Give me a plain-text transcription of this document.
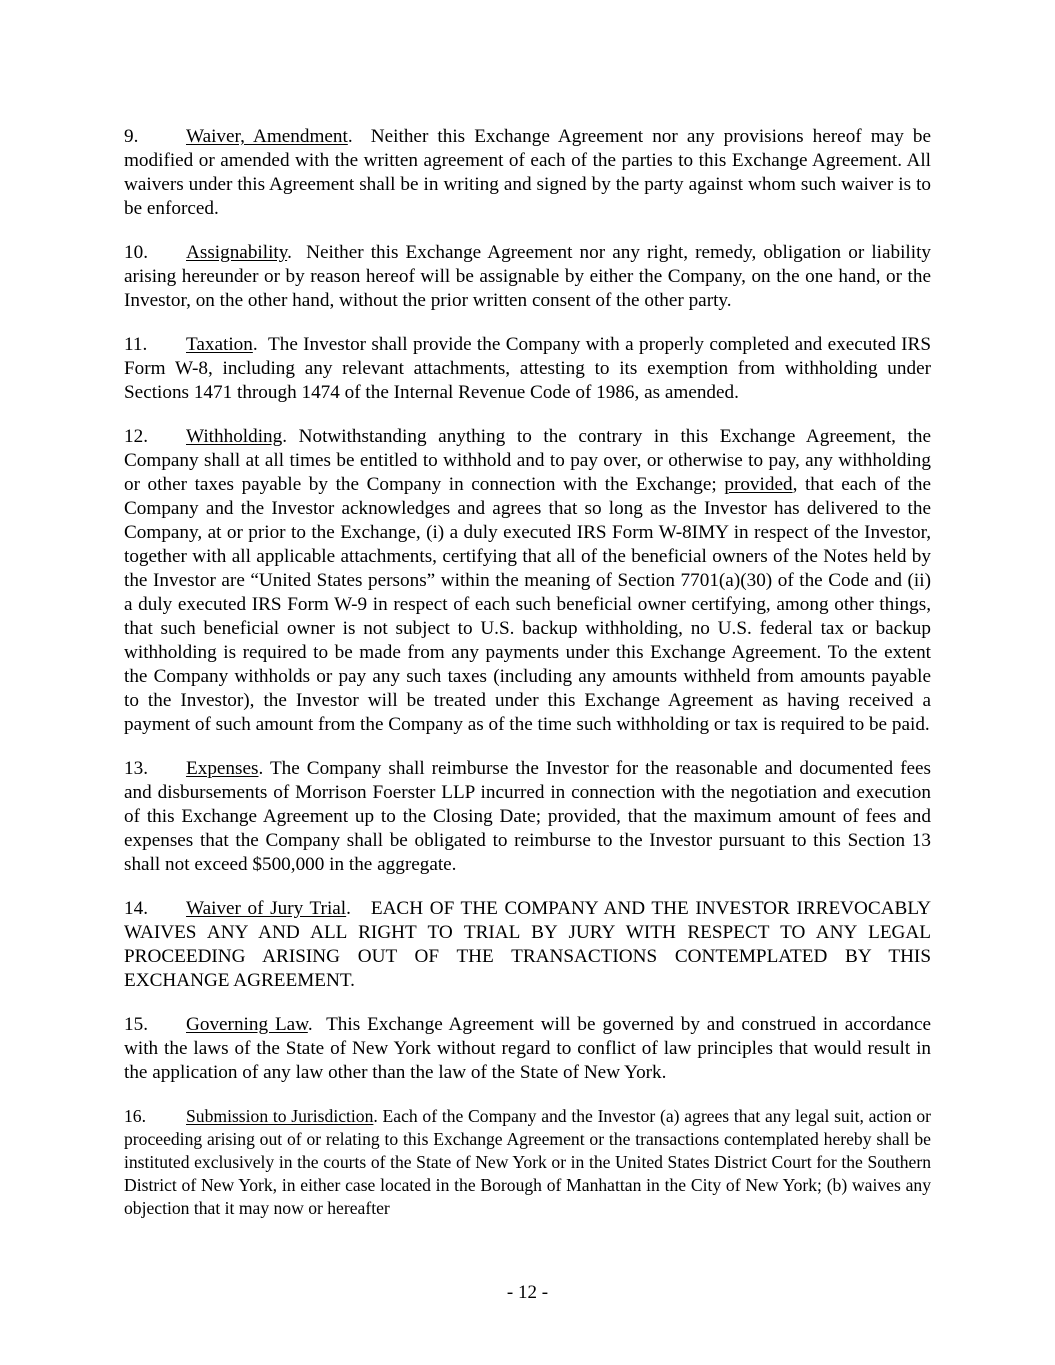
9. Waiver, Amendment.  Neither this Exchange Agreement nor any provisions hereof may be modified or amended with the written agreement of each of the parties to this Exchange Agreement. All waivers under this Agreement shall be in writing and signed by the party against whom such waiver is to be enforced.

10. Assignability.  Neither this Exchange Agreement nor any right, remedy, obligation or liability arising hereunder or by reason hereof will be assignable by either the Company, on the one hand, or the Investor, on the other hand, without the prior written consent of the other party.

11. Taxation.  The Investor shall provide the Company with a properly completed and executed IRS Form W-8, including any relevant attachments, attesting to its exemption from withholding under Sections 1471 through 1474 of the Internal Revenue Code of 1986, as amended.

12. Withholding. Notwithstanding anything to the contrary in this Exchange Agreement, the Company shall at all times be entitled to withhold and to pay over, or otherwise to pay, any withholding or other taxes payable by the Company in connection with the Exchange; provided, that each of the Company and the Investor acknowledges and agrees that so long as the Investor has delivered to the Company, at or prior to the Exchange, (i) a duly executed IRS Form W-8IMY in respect of the Investor, together with all applicable attachments, certifying that all of the beneficial owners of the Notes held by the Investor are “United States persons” within the meaning of Section 7701(a)(30) of the Code and (ii) a duly executed IRS Form W-9 in respect of each such beneficial owner certifying, among other things, that such beneficial owner is not subject to U.S. backup withholding, no U.S. federal tax or backup withholding is required to be made from any payments under this Exchange Agreement. To the extent the Company withholds or pay any such taxes (including any amounts withheld from amounts payable to the Investor), the Investor will be treated under this Exchange Agreement as having received a payment of such amount from the Company as of the time such withholding or tax is required to be paid.

13. Expenses. The Company shall reimburse the Investor for the reasonable and documented fees and disbursements of Morrison Foerster LLP incurred in connection with the negotiation and execution of this Exchange Agreement up to the Closing Date; provided, that the maximum amount of fees and expenses that the Company shall be obligated to reimburse to the Investor pursuant to this Section 13 shall not exceed $500,000 in the aggregate.

14. Waiver of Jury Trial.   EACH OF THE COMPANY AND THE INVESTOR IRREVOCABLY WAIVES ANY AND ALL RIGHT TO TRIAL BY JURY WITH RESPECT TO ANY LEGAL PROCEEDING ARISING OUT OF THE TRANSACTIONS CONTEMPLATED BY THIS EXCHANGE AGREEMENT.

15. Governing Law.  This Exchange Agreement will be governed by and construed in accordance with the laws of the State of New York without regard to conflict of law principles that would result in the application of any law other than the law of the State of New York.

16. Submission to Jurisdiction. Each of the Company and the Investor (a) agrees that any legal suit, action or proceeding arising out of or relating to this Exchange Agreement or the transactions contemplated hereby shall be instituted exclusively in the courts of the State of New York or in the United States District Court for the Southern District of New York, in either case located in the Borough of Manhattan in the City of New York; (b) waives any objection that it may now or hereafter

- 12 -
